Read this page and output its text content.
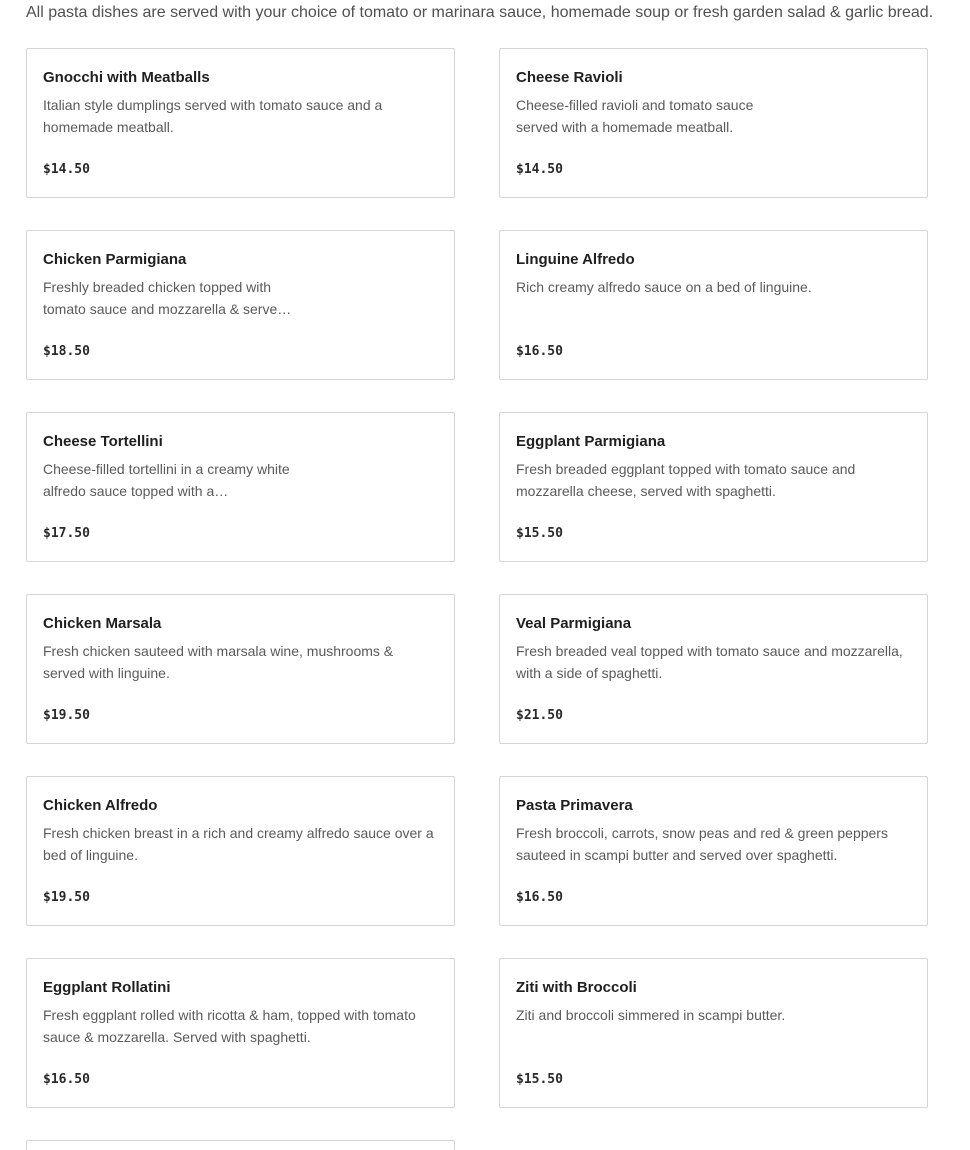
All pasta dishes are served with your choice of tomato or marinara sauce, homemade soup or fresh garden salad & garlic bread.
Gnocchi with Meatballs
Italian style dumplings served with tomato sauce and a homemade meatball.
$14.50
Cheese Ravioli
Cheese-filled ravioli and tomato sauce served with a homemade meatball.
$14.50
Chicken Parmigiana
Freshly breaded chicken topped with tomato sauce and mozzarella & serve…
$18.50
Linguine Alfredo
Rich creamy alfredo sauce on a bed of linguine.
$16.50
Cheese Tortellini
Cheese-filled tortellini in a creamy white alfredo sauce topped with a…
$17.50
Eggplant Parmigiana
Fresh breaded eggplant topped with tomato sauce and mozzarella cheese, served with spaghetti.
$15.50
Chicken Marsala
Fresh chicken sauteed with marsala wine, mushrooms & served with linguine.
$19.50
Veal Parmigiana
Fresh breaded veal topped with tomato sauce and mozzarella, with a side of spaghetti.
$21.50
Chicken Alfredo
Fresh chicken breast in a rich and creamy alfredo sauce over a bed of linguine.
$19.50
Pasta Primavera
Fresh broccoli, carrots, snow peas and red & green peppers sauteed in scampi butter and served over spaghetti.
$16.50
Eggplant Rollatini
Fresh eggplant rolled with ricotta & ham, topped with tomato sauce & mozzarella. Served with spaghetti.
$16.50
Ziti with Broccoli
Ziti and broccoli simmered in scampi butter.
$15.50
